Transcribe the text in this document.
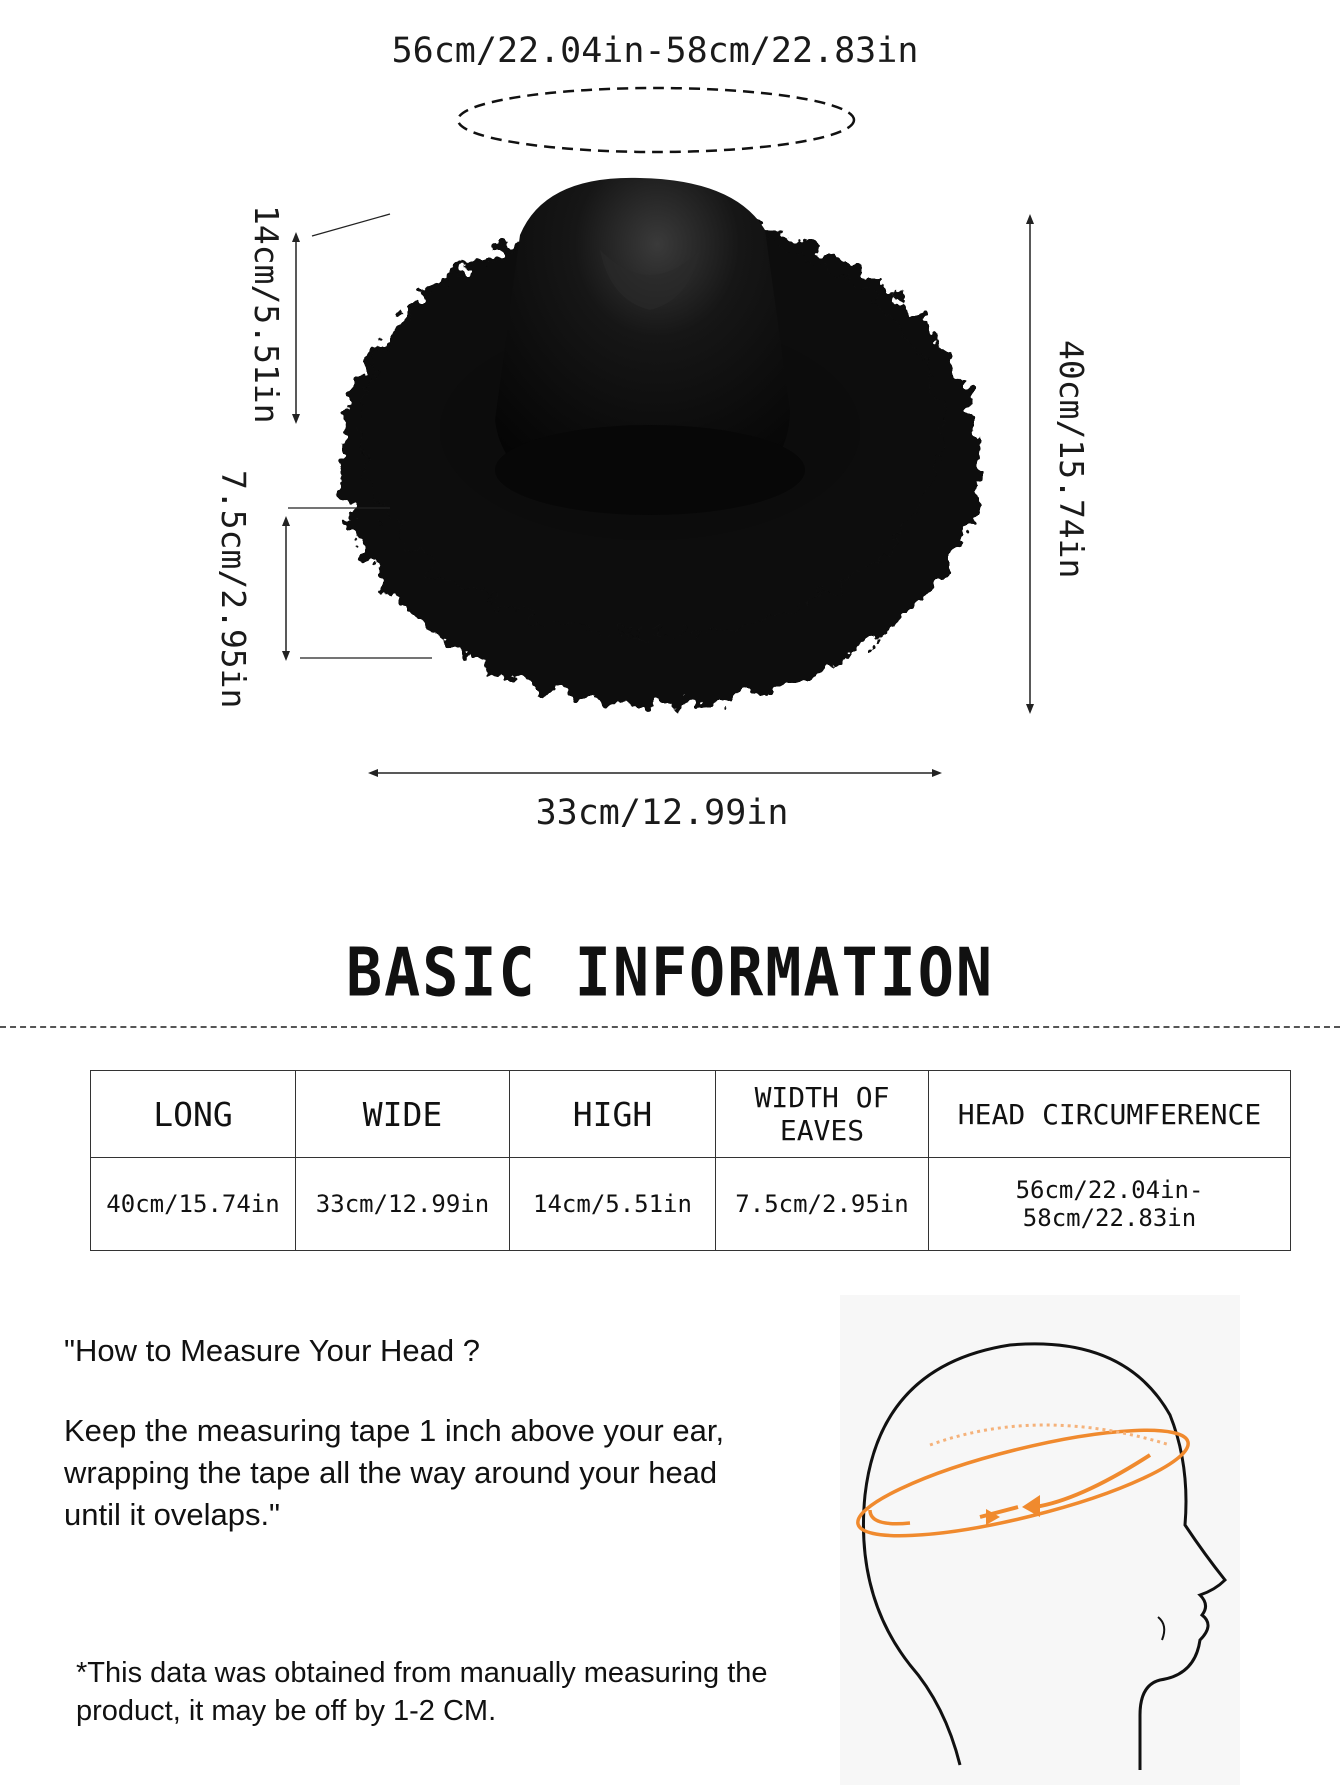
56cm/22.04in-58cm/22.83in
14cm/5.51in
7.5cm/2.95in
40cm/15.74in
33cm/12.99in
BASIC INFORMATION
LONG	WIDE	HIGH	WIDTH OF EAVES	HEAD CIRCUMFERENCE
40cm/15.74in	33cm/12.99in	14cm/5.51in	7.5cm/2.95in	56cm/22.04in-58cm/22.83in

"How to Measure Your Head ?

Keep the measuring tape 1 inch above your ear, wrapping the tape all the way around your head until it ovelaps."

*This data was obtained from manually measuring the product, it may be off by 1-2 CM.
